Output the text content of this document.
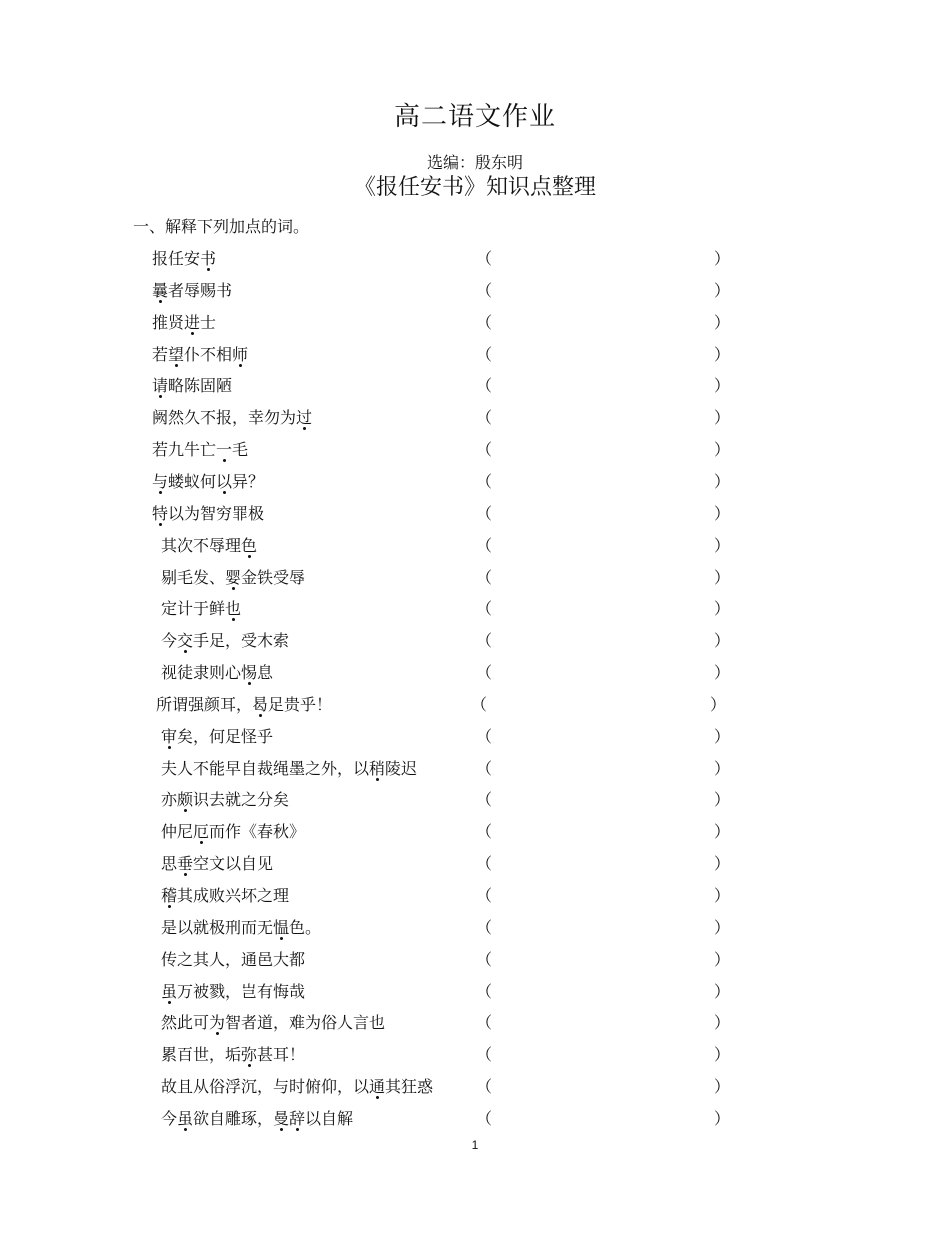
高二语文作业
选编：殷东明
《报任安书》知识点整理
一、解释下列加点的词。
报任安书	（	）
曩者辱赐书	（	）
推贤进士	（	）
若望仆不相师	（	）
请略陈固陋	（	）
阙然久不报，幸勿为过	（	）
若九牛亡一毛	（	）
与蝼蚁何以异？	（	）
特以为智穷罪极	（	）
其次不辱理色	（	）
剔毛发、婴金铁受辱	（	）
定计于鲜也	（	）
今交手足，受木索	（	）
视徒隶则心惕息	（	）
所谓强颜耳，曷足贵乎！	（	）
审矣，何足怪乎	（	）
夫人不能早自裁绳墨之外，以稍陵迟	（	）
亦颇识去就之分矣	（	）
仲尼厄而作《春秋》	（	）
思垂空文以自见	（	）
稽其成败兴坏之理	（	）
是以就极刑而无愠色。	（	）
传之其人，通邑大都	（	）
虽万被戮，岂有悔哉	（	）
然此可为智者道，难为俗人言也	（	）
累百世，垢弥甚耳！	（	）
故且从俗浮沉，与时俯仰，以通其狂惑	（	）
今虽欲自雕琢，曼辞以自解	（	）
1
